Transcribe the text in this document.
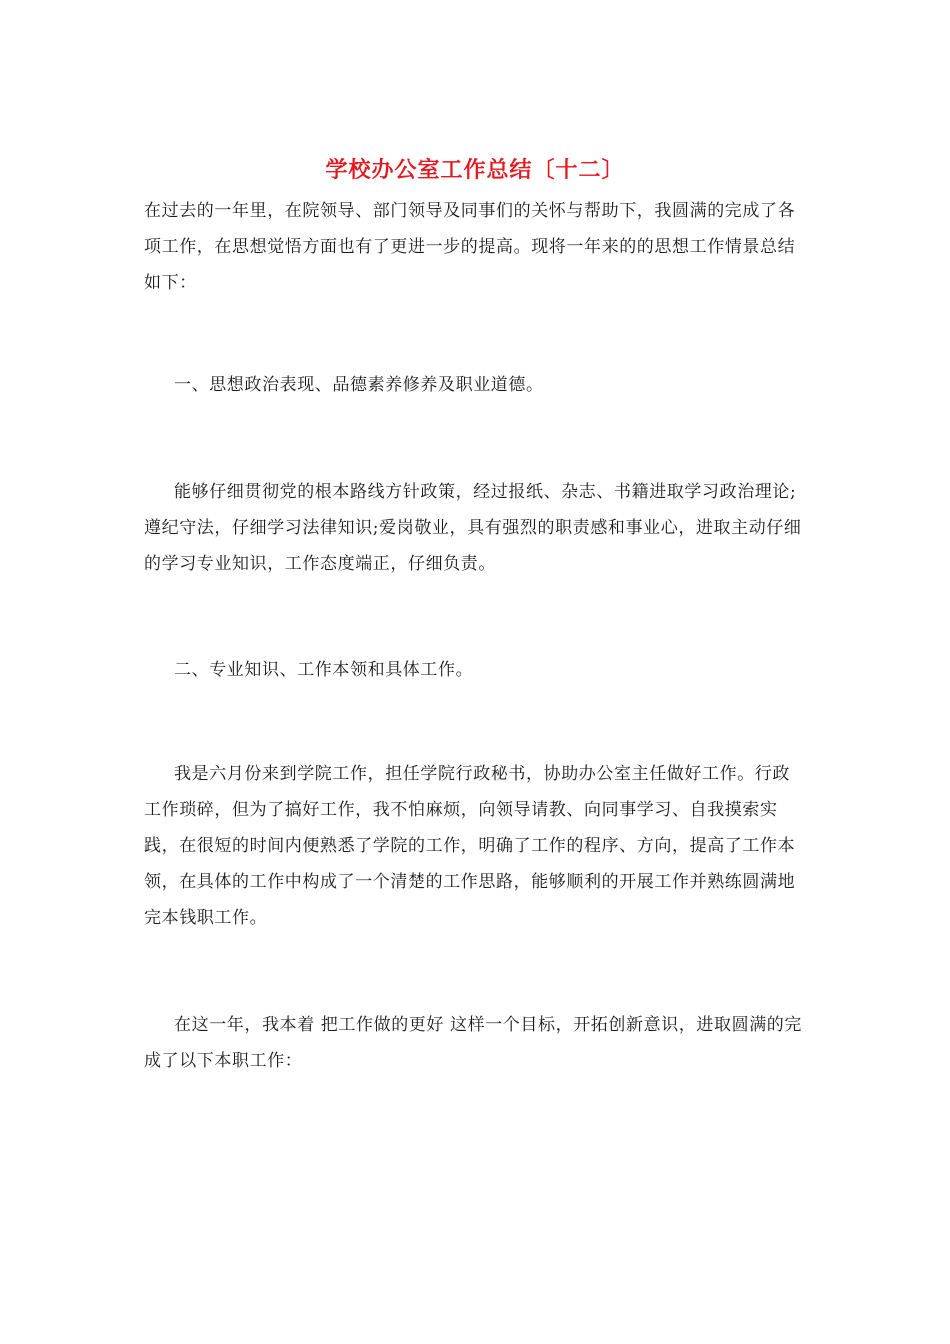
学校办公室工作总结〔十二〕

在过去的一年里，在院领导、部门领导及同事们的关怀与帮助下，我圆满的完成了各项工作，在思想觉悟方面也有了更进一步的提高。现将一年来的的思想工作情景总结如下：

一、思想政治表现、品德素养修养及职业道德。

能够仔细贯彻党的根本路线方针政策，经过报纸、杂志、书籍进取学习政治理论;遵纪守法，仔细学习法律知识;爱岗敬业，具有强烈的职责感和事业心，进取主动仔细的学习专业知识，工作态度端正，仔细负责。

二、专业知识、工作本领和具体工作。

我是六月份来到学院工作，担任学院行政秘书，协助办公室主任做好工作。行政工作琐碎，但为了搞好工作，我不怕麻烦，向领导请教、向同事学习、自我摸索实践，在很短的时间内便熟悉了学院的工作，明确了工作的程序、方向，提高了工作本领，在具体的工作中构成了一个清楚的工作思路，能够顺利的开展工作并熟练圆满地完本钱职工作。

在这一年，我本着 把工作做的更好 这样一个目标，开拓创新意识，进取圆满的完成了以下本职工作：
